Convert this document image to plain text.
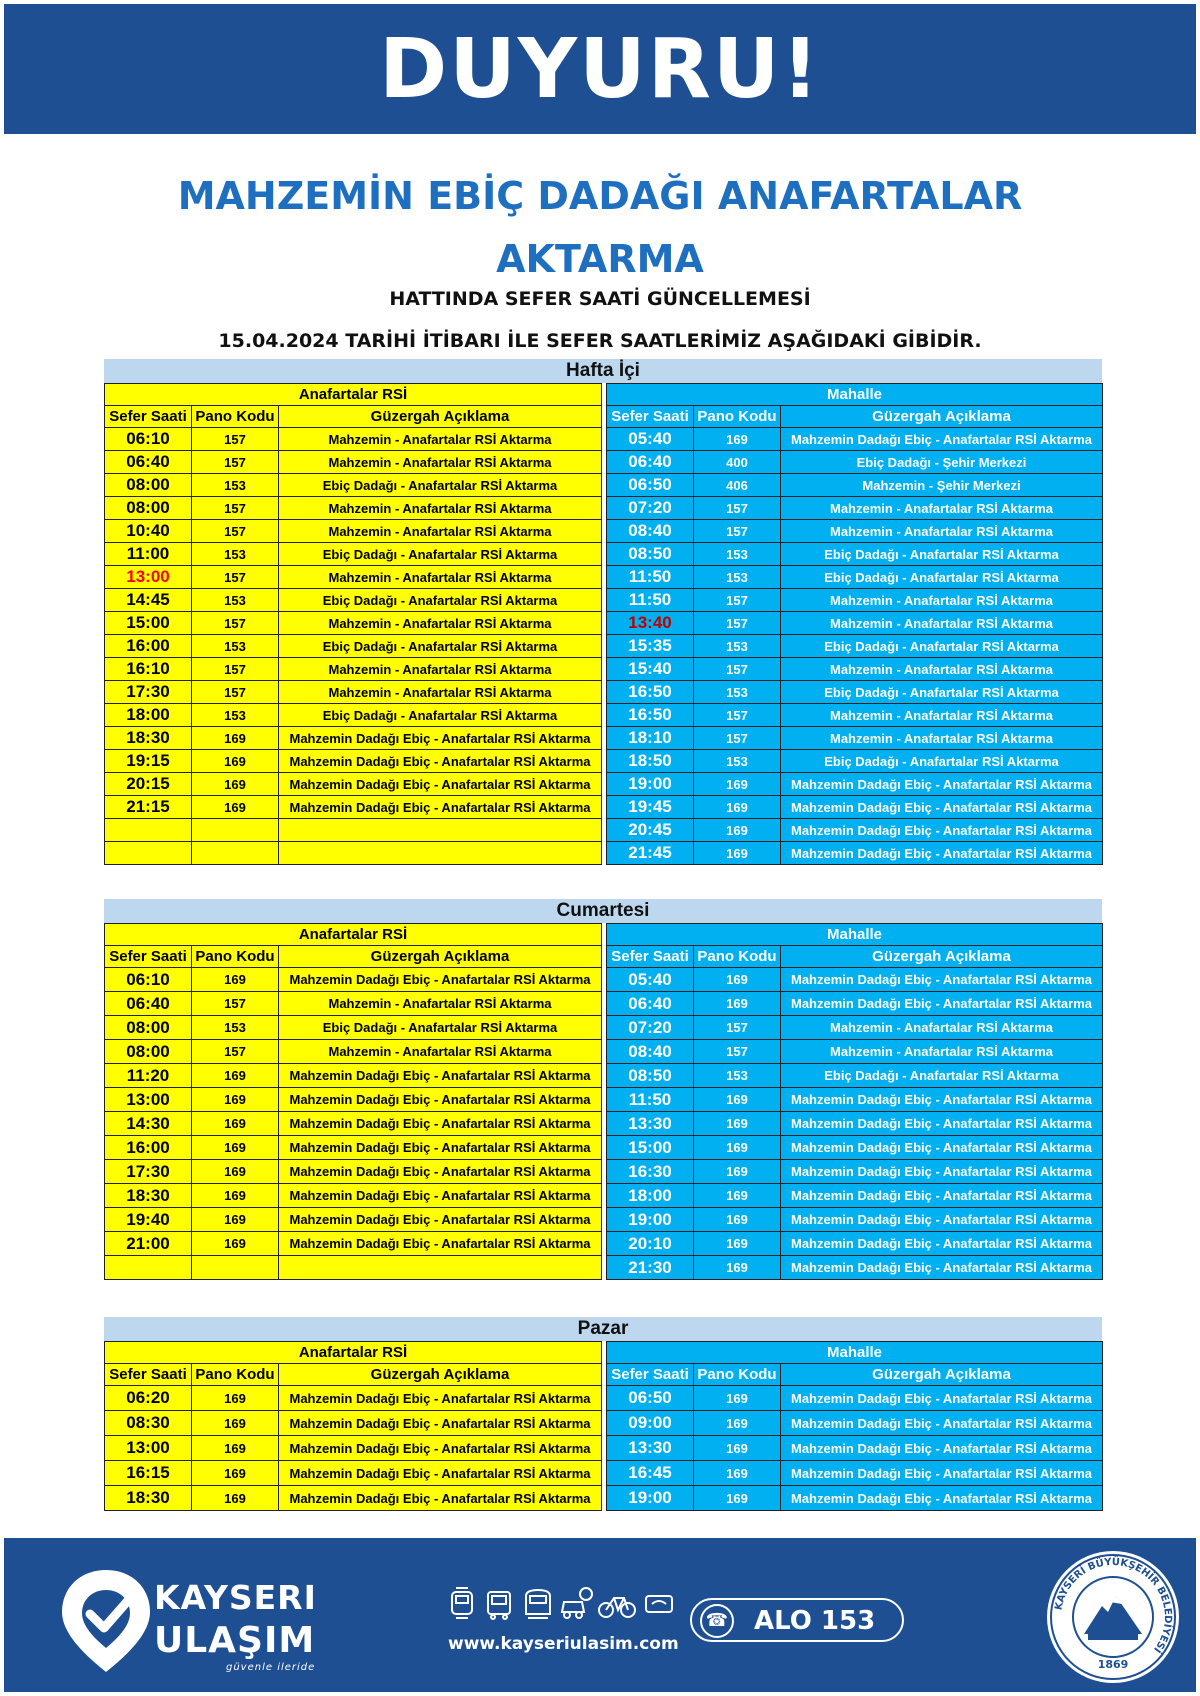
DUYURU!
MAHZEMİN EBİÇ DADAĞI ANAFARTALAR
AKTARMA
HATTINDA SEFER SAATİ GÜNCELLEMESİ
15.04.2024 TARİHİ İTİBARI İLE SEFER SAATLERİMİZ AŞAĞIDAKİ GİBİDİR.
Hafta İçi
Anafartalar RSİ		
Sefer Saati	Pano Kodu	Güzergah Açıklama
06:10	157	Mahzemin - Anafartalar RSİ Aktarma
06:40	157	Mahzemin - Anafartalar RSİ Aktarma
08:00	153	Ebiç Dadağı - Anafartalar RSİ Aktarma
08:00	157	Mahzemin - Anafartalar RSİ Aktarma
10:40	157	Mahzemin - Anafartalar RSİ Aktarma
11:00	153	Ebiç Dadağı - Anafartalar RSİ Aktarma
13:00	157	Mahzemin - Anafartalar RSİ Aktarma
14:45	153	Ebiç Dadağı - Anafartalar RSİ Aktarma
15:00	157	Mahzemin - Anafartalar RSİ Aktarma
16:00	153	Ebiç Dadağı - Anafartalar RSİ Aktarma
16:10	157	Mahzemin - Anafartalar RSİ Aktarma
17:30	157	Mahzemin - Anafartalar RSİ Aktarma
18:00	153	Ebiç Dadağı - Anafartalar RSİ Aktarma
18:30	169	Mahzemin Dadağı Ebiç - Anafartalar RSİ Aktarma
19:15	169	Mahzemin Dadağı Ebiç - Anafartalar RSİ Aktarma
20:15	169	Mahzemin Dadağı Ebiç - Anafartalar RSİ Aktarma
21:15	169	Mahzemin Dadağı Ebiç - Anafartalar RSİ Aktarma

Mahalle		
Sefer Saati	Pano Kodu	Güzergah Açıklama
05:40	169	Mahzemin Dadağı Ebiç - Anafartalar RSİ Aktarma
06:40	400	Ebiç Dadağı - Şehir Merkezi
06:50	406	Mahzemin - Şehir Merkezi
07:20	157	Mahzemin - Anafartalar RSİ Aktarma
08:40	157	Mahzemin - Anafartalar RSİ Aktarma
08:50	153	Ebiç Dadağı - Anafartalar RSİ Aktarma
11:50	153	Ebiç Dadağı - Anafartalar RSİ Aktarma
11:50	157	Mahzemin - Anafartalar RSİ Aktarma
13:40	157	Mahzemin - Anafartalar RSİ Aktarma
15:35	153	Ebiç Dadağı - Anafartalar RSİ Aktarma
15:40	157	Mahzemin - Anafartalar RSİ Aktarma
16:50	153	Ebiç Dadağı - Anafartalar RSİ Aktarma
16:50	157	Mahzemin - Anafartalar RSİ Aktarma
18:10	157	Mahzemin - Anafartalar RSİ Aktarma
18:50	153	Ebiç Dadağı - Anafartalar RSİ Aktarma
19:00	169	Mahzemin Dadağı Ebiç - Anafartalar RSİ Aktarma
19:45	169	Mahzemin Dadağı Ebiç - Anafartalar RSİ Aktarma
20:45	169	Mahzemin Dadağı Ebiç - Anafartalar RSİ Aktarma
21:45	169	Mahzemin Dadağı Ebiç - Anafartalar RSİ Aktarma
Cumartesi
Anafartalar RSİ		
Sefer Saati	Pano Kodu	Güzergah Açıklama
06:10	169	Mahzemin Dadağı Ebiç - Anafartalar RSİ Aktarma
06:40	157	Mahzemin - Anafartalar RSİ Aktarma
08:00	153	Ebiç Dadağı - Anafartalar RSİ Aktarma
08:00	157	Mahzemin - Anafartalar RSİ Aktarma
11:20	169	Mahzemin Dadağı Ebiç - Anafartalar RSİ Aktarma
13:00	169	Mahzemin Dadağı Ebiç - Anafartalar RSİ Aktarma
14:30	169	Mahzemin Dadağı Ebiç - Anafartalar RSİ Aktarma
16:00	169	Mahzemin Dadağı Ebiç - Anafartalar RSİ Aktarma
17:30	169	Mahzemin Dadağı Ebiç - Anafartalar RSİ Aktarma
18:30	169	Mahzemin Dadağı Ebiç - Anafartalar RSİ Aktarma
19:40	169	Mahzemin Dadağı Ebiç - Anafartalar RSİ Aktarma
21:00	169	Mahzemin Dadağı Ebiç - Anafartalar RSİ Aktarma

Mahalle		
Sefer Saati	Pano Kodu	Güzergah Açıklama
05:40	169	Mahzemin Dadağı Ebiç - Anafartalar RSİ Aktarma
06:40	169	Mahzemin Dadağı Ebiç - Anafartalar RSİ Aktarma
07:20	157	Mahzemin - Anafartalar RSİ Aktarma
08:40	157	Mahzemin - Anafartalar RSİ Aktarma
08:50	153	Ebiç Dadağı - Anafartalar RSİ Aktarma
11:50	169	Mahzemin Dadağı Ebiç - Anafartalar RSİ Aktarma
13:30	169	Mahzemin Dadağı Ebiç - Anafartalar RSİ Aktarma
15:00	169	Mahzemin Dadağı Ebiç - Anafartalar RSİ Aktarma
16:30	169	Mahzemin Dadağı Ebiç - Anafartalar RSİ Aktarma
18:00	169	Mahzemin Dadağı Ebiç - Anafartalar RSİ Aktarma
19:00	169	Mahzemin Dadağı Ebiç - Anafartalar RSİ Aktarma
20:10	169	Mahzemin Dadağı Ebiç - Anafartalar RSİ Aktarma
21:30	169	Mahzemin Dadağı Ebiç - Anafartalar RSİ Aktarma
Pazar
Anafartalar RSİ		
Sefer Saati	Pano Kodu	Güzergah Açıklama
06:20	169	Mahzemin Dadağı Ebiç - Anafartalar RSİ Aktarma
08:30	169	Mahzemin Dadağı Ebiç - Anafartalar RSİ Aktarma
13:00	169	Mahzemin Dadağı Ebiç - Anafartalar RSİ Aktarma
16:15	169	Mahzemin Dadağı Ebiç - Anafartalar RSİ Aktarma
18:30	169	Mahzemin Dadağı Ebiç - Anafartalar RSİ Aktarma
Mahalle		
Sefer Saati	Pano Kodu	Güzergah Açıklama
06:50	169	Mahzemin Dadağı Ebiç - Anafartalar RSİ Aktarma
09:00	169	Mahzemin Dadağı Ebiç - Anafartalar RSİ Aktarma
13:30	169	Mahzemin Dadağı Ebiç - Anafartalar RSİ Aktarma
16:45	169	Mahzemin Dadağı Ebiç - Anafartalar RSİ Aktarma
19:00	169	Mahzemin Dadağı Ebiç - Anafartalar RSİ Aktarma
KAYSERI
ULAŞIM
güvenle ileride
www.kayseriulasim.com
☎ ALO 153	KAYSERİ BÜYÜKŞEHİR BELEDİYESİ
1869
